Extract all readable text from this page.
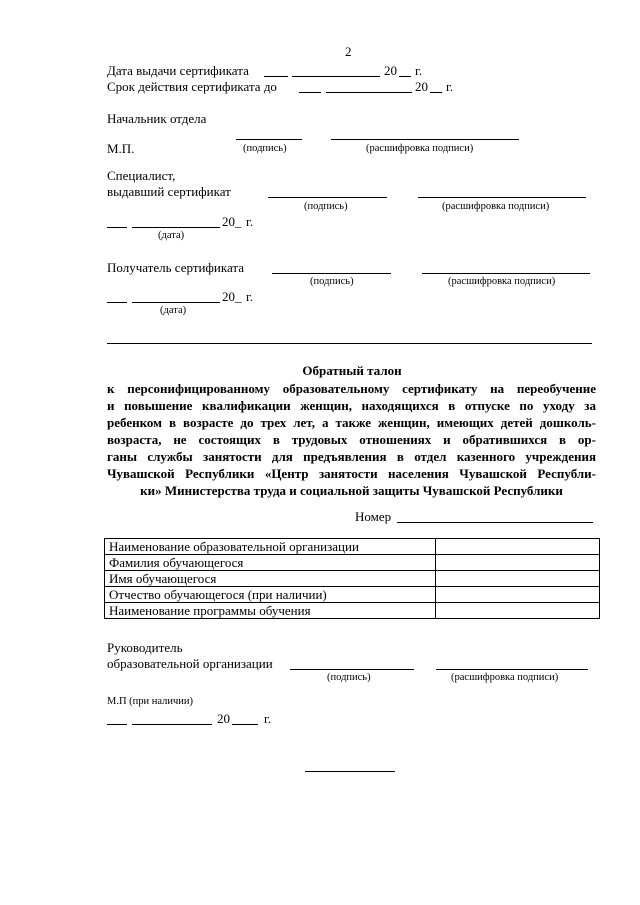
2
Дата выдачи сертификата	20 г.
Срок действия сертификата до	20 г.
Начальник отдела
М.П.	(подпись)	(расшифровка подписи)
Специалист,
выдавший сертификат
(подпись)	(расшифровка подписи)
20_ г.
(дата)
Получатель сертификата
(подпись)	(расшифровка подписи)
20_ г.
(дата)
Обратный талон
к персонифицированному образовательному сертификату на переобучение
и повышение квалификации женщин, находящихся в отпуске по уходу за
ребенком в возрасте до трех лет, а также женщин, имеющих детей дошколь-
возраста, не состоящих в трудовых отношениях и обратившихся в ор-
ганы службы занятости для предъявления в отдел казенного учреждения
Чувашской Республики «Центр занятости населения Чувашской Республи-
ки» Министерства труда и социальной защиты Чувашской Республики
Номер
Наименование образовательной организации	
Фамилия обучающегося	
Имя обучающегося	
Отчество обучающегося (при наличии)	
Наименование программы обучения	
Руководитель
образовательной организации
(подпись)	(расшифровка подписи)
М.П (при наличии)
20	г.
